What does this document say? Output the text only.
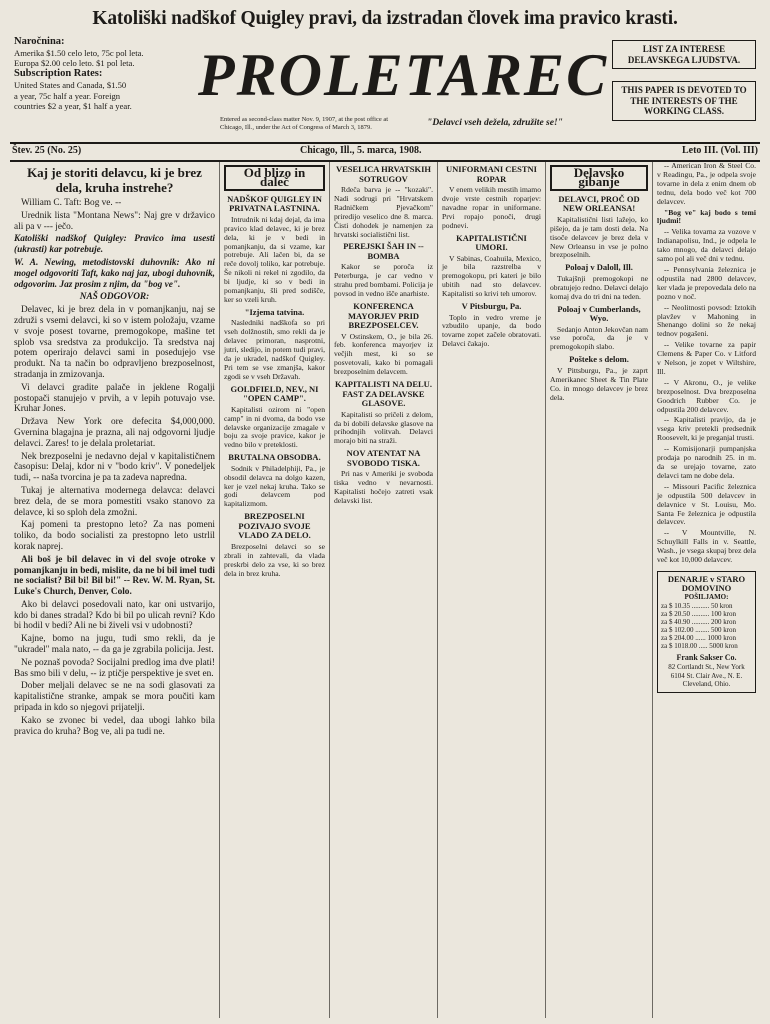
Katoliški nadškof Quigley pravi, da izstradan človek ima pravico krasti.
Naročnina:
Amerika $1.50 celo leto, 75c pol leta.
Europa $2.00 celo leto. $1 pol leta.
Subscription Rates:
United States and Canada, $1.50
a year, 75c half a year. Foreign
countries $2 a year, $1 half a year.	PROLETAREC
Entered as second-class matter Nov. 9, 1907, at the post office at Chicago, Ill., under the Act of Congress of March 3, 1879.	"Delavci vseh dežela, združite se!"
LIST ZA INTERESE DELAVSKEGA LJUDSTVA.
THIS PAPER IS DEVOTED TO THE INTERESTS OF THE WORKING CLASS.
Štev. 25 (No. 25)	Chicago, Ill., 5. marca, 1908.	Leto III. (Vol. III)
Kaj je storiti delavcu, ki je brez dela, kruha instrehe?

William C. Taft: Bog ve. --

Urednik lista "Montana News": Naj gre v državico ali pa v --- ječo.

Katoliški nadškof Quigley: Pravico ima usesti (ukrasti) kar potrebuje.

W. A. Newing, metodistovski duhovnik: Ako ni mogel odgovoriti Taft, kako naj jaz, ubogi duhovnik, odgovorim. Jaz prosim z njim, da "bog ve".

NAŠ ODGOVOR:

Delavec, ki je brez dela in v pomanjkanju, naj se združi s vsemi delavci, ki so v istem položaju, vzame v svoje posest tovarne, premogokope, mašine tet splob vsa sredstva za produkcijo. Ta sredstva naj potem operirajo delavci sami in posedujejo vse produkt. Na ta način bo odpravljeno brezposelnost, stradanja in zmizovanja.

Vi delavci gradite palače in jeklene Rogalji postopači stanujejo v prvih, a v lepih potuvajo vse. Kruhar Jones.

Država New York ore defecita $4,000,000. Gvernina blagajna je prazna, ali naj odgovorni ljudje delavci. Zares! to je delala proletariat.

Nek brezposelni je nedavno dejal v kapitalističnem časopisu: Delaj, kdor ni v "bodo kriv". V ponedeljek tudi, -- naša tvorcina je pa ta zadeva napredna.

Tukaj je alternativa modernega delavca: delavci brez dela, de se mora pomestiti vsako stanovo za delavce, ki so sploh dela zmožni.

Kaj pomeni ta prestopno leto? Za nas pomeni toliko, da bodo socialisti za prestopno leto ustrlil korak naprej.

Ali boš je bil delavec in vi del svoje otroke v pomanjkanju in bedi, mislite, da ne bi bil imel tudi ne socialist? Bil bi! Bil bi!" -- Rev. W. M. Ryan, St. Luke's Church, Denver, Colo.

Ako bi delavci posedovali nato, kar oni ustvarijo, kdo bi danes stradal? Kdo bi bil po ulicah revni? Kdo bi hodil v bedi? Ali ne bi živeli vsi v udobnosti?

Kajne, bomo na jugu, tudi smo rekli, da je "ukradel" mala nato, -- da ga je zgrabila policija. Jest.

Ne poznaš povoda? Socijalni predlog ima dve plati! Bas smo bili v delu, -- iz ptičje perspektive je svet en.

Dober meljali delavec se ne na sodi glasovati za kapitalistične stranke, ampak se mora poučiti kam pripada in kdo so njegovi prijatelji.

Kako se zvonec bi vedel, daa ubogi lahko bila pravica do kruha? Bog ve, ali pa tudi ne.

Od blizo in daleč
NADŠKOF QUIGLEY IN PRIVATNA LASTNINA.

Intrudnik ni kdaj dejal, da ima pravico klad delavec, ki je brez dela, ki je v bedi in pomanjkanju, da si vzame, kar potrebuje. Ali lačen bi, da se reče dovolj toliko, kar potrebuje. Še nikoli ni rekel ni zgodilo, da bi ljudje, ki so v bedi in pomanjkanju, šli pred sodišče, ker so vzeli kruh.

"Izjema tatvina.

Nasledniki nadškofa so pri vseh dolžnostih, smo rekli da je delavec primoran, nasprotni, jutri, sledijo, in potem tudi pravi, da je ukradel, nadškof Quigley. Pri tem se vse zmanjša, kakor zgodi se v vseh Državah.

GOLDFIELD, NEV., NI "OPEN CAMP".

Kapitalisti ozirom ni "open camp" in ni dvoma, da bodo vse delavske organizacije zmagale v boju za svoje pravice, kakor je vedno bilo v preteklosti.

BRUTALNA OBSODBA.

Sodnik v Philadelphiji, Pa., je obsodil delavca na dolgo kazen, ker je vzel nekaj kruha. Tako se godi delavcem pod kapitalizmom.

BREZPOSELNI POZIVAJO SVOJE VLADO ZA DELO.

Brezposelni delavci so se zbrali in zahtevali, da vlada preskrbi delo za vse, ki so brez dela in brez kruha.

VESELICA HRVATSKIH SOTRUGOV

Rdeča barva je -- "kozaki". Nadi sodrugi pri "Hrvatskem Radničkem Pjevačkom" priredijo veselico dne 8. marca. Čisti dohodek je namenjen za hrvatski socialistični list.

PEREJSKI ŠAH IN -- BOMBA

Kakor se poroča iz Peterburga, je car vedno v strahu pred bombami. Policija je povsod in vedno išče anarhiste.

KONFERENCA MAYORJEV PRID BREZPOSELCEV.

V Ostinskem, O., je bila 26. feb. konferenca mayorjev iz večjih mest, ki so se posvetovali, kako bi pomagali brezposelnim delavcem.

KAPITALISTI NA DELU. FAST ZA DELAVSKE GLASOVE.

Kapitalisti so pričeli z delom, da bi dobili delavske glasove na prihodnjih volitvah. Delavci morajo biti na straži.

NOV ATENTAT NA SVOBODO TISKA.

Pri nas v Ameriki je svoboda tiska vedno v nevarnosti. Kapitalisti hočejo zatreti vsak delavski list.

UNIFORMANI CESTNI ROPAR

V enem velikih mestih imamo dvoje vrste cestnih roparjev: navadne ropar in uniformane. Prvi ropajo ponoči, drugi podnevi.

KAPITALISTIČNI UMORI.

V Sabinas, Coahuila, Mexico, je bila razstrelba v premogokopu, pri kateri je bilo ubitih nad sto delavcev. Kapitalisti so krivi teh umorov.

V Pitsburgu, Pa.

Toplo in vedro vreme je vzbudilo upanje, da bodo tovarne zopet začele obratovati. Delavci čakajo.

Delavsko gibanje
DELAVCI, PROČ OD NEW ORLEANSA!

Kapitalistični listi lažejo, ko pišejo, da je tam dosti dela. Na tisoče delavcev je brez dela v New Orleansu in vse je polno brezposelnih.

Poloaj v Daloll, Ill.

Tukajšnji premogokopi ne obratujejo redno. Delavci delajo komaj dva do tri dni na teden.

Poloaj v Cumberlands, Wyo.

Sedanjo Anton Jekovčan nam vse poroča, da je v premogokopih slabo.

Pošteke s delom.

V Pittsburgu, Pa., je zaprt Amerikanec Sheet & Tin Plate Co. in mnogo delavcev je brez dela.

-- American Iron & Steel Co. v Readingu, Pa., je odpela svoje tovarne in dela z enim dnem ob tednu, dela bodo več kot 700 delavcev.

"Bog ve" kaj bodo s temi ljudmi!

-- Velika tovarna za vozove v Indianapolisu, Ind., je odpela le tako mnogo, da delavci delajo samo pol ali več dni v tednu.

-- Pennsylvania železnica je odpustila nad 2800 delavcev, ker vlada je prepovedala delo na pozno v noč.

-- Neolitnosti povsod: Iztokih plavžev v Mahoning in Shenango dolini so že nekaj tednov pogašeni.

-- Velike tovarne za papir Clemens & Paper Co. v Litford v Nelson, je zopet v Wiltshire, Ill.

-- V Akronu, O., je velike brezposelnost. Dva brezposelna Goodrich Rubber Co. je odpustila 200 delavcev.

-- Kapitalisti pravijo, da je vsega kriv pretekli predsednik Roosevelt, ki je preganjal trusti.

-- Komisijonarji pumpanjska prodaja po narodnih 25. in m. da se urejajo tovarne, zato delavci tam ne dobe dela.

-- Missouri Pacific železnica je odpustila 500 delavcev in delavnice v St. Louisu, Mo. Santa Fe železnica je odpustila delavcev.

-- V Mountville, N. Schuylkill Falls in v. Seattle, Wash., je vsega skupaj brez dela več kot 10,000 delavcev.

DENARJE v STARO DOMOVINO
POŠILJAMO:
za $ 10.35 .......... 50 kron
za $ 20.50 .......... 100 kron
za $ 40.90 .......... 200 kron
za $ 102.00 ........ 500 kron
za $ 204.00 ...... 1000 kron
za $ 1018.00 ..... 5000 kron
Frank Sakser Co.
82 Cortlandt St., New York
6104 St. Clair Ave., N. E. Cleveland, Ohio.
